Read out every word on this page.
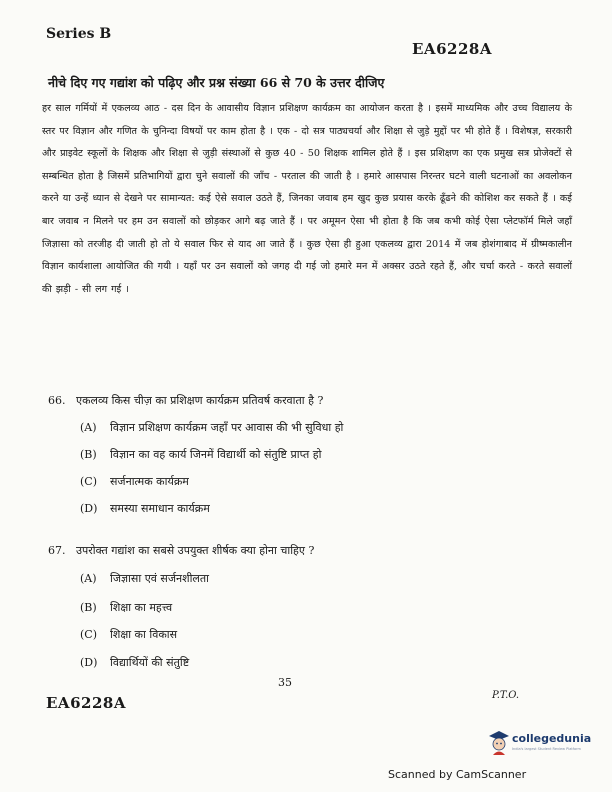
Series B
EA6228A
नीचे दिए गए गद्यांश को पढ़िए और प्रश्न संख्या 66 से 70 के उत्तर दीजिए
हर साल गर्मियों में एकलव्य आठ - दस दिन के आवासीय विज्ञान प्रशिक्षण कार्यक्रम का आयोजन करता है । इसमें माध्यमिक और उच्च विद्यालय के स्तर पर विज्ञान और गणित के चुनिन्दा विषयों पर काम होता है । एक - दो सत्र पाठ्यचर्या और शिक्षा से जुड़े मुद्दों पर भी होते हैं । विशेषज्ञ, सरकारी और प्राइवेट स्कूलों के शिक्षक और शिक्षा से जुड़ी संस्थाओं से कुछ 40 - 50 शिक्षक शामिल होते हैं । इस प्रशिक्षण का एक प्रमुख सत्र प्रोजेक्टों से सम्बन्धित होता है जिसमें प्रतिभागियों द्वारा चुने सवालों की जाँच - परताल की जाती है । हमारे आसपास निरन्तर घटने वाली घटनाओं का अवलोकन करने या उन्हें ध्यान से देखने पर सामान्यत: कई ऐसे सवाल उठते हैं, जिनका जवाब हम खुद कुछ प्रयास करके ढूँढने की कोशिश कर सकते हैं । कई बार जवाब न मिलने पर हम उन सवालों को छोड़कर आगे बढ़ जाते हैं । पर अमूमन ऐसा भी होता है कि जब कभी कोई ऐसा प्लेटफॉर्म मिले जहाँ जिज्ञासा को तरजीह दी जाती हो तो ये सवाल फिर से याद आ जाते हैं । कुछ ऐसा ही हुआ एकलव्य द्वारा 2014 में जब होशंगाबाद में ग्रीष्मकालीन विज्ञान कार्यशाला आयोजित की गयी । यहाँ पर उन सवालों को जगह दी गई जो हमारे मन में अक्सर उठते रहते हैं, और चर्चा करते - करते सवालों की झड़ी - सी लग गई ।
66. एकलव्य किस चीज़ का प्रशिक्षण कार्यक्रम प्रतिवर्ष करवाता है ?
(A) विज्ञान प्रशिक्षण कार्यक्रम जहाँ पर आवास की भी सुविधा हो
(B) विज्ञान का वह कार्य जिनमें विद्यार्थी को संतुष्टि प्राप्त हो
(C) सर्जनात्मक कार्यक्रम
(D) समस्या समाधान कार्यक्रम
67. उपरोक्त गद्यांश का सबसे उपयुक्त शीर्षक क्या होना चाहिए ?
(A) जिज्ञासा एवं सर्जनशीलता
(B) शिक्षा का महत्त्व
(C) शिक्षा का विकास
(D) विद्यार्थियों की संतुष्टि
35
EA6228A	P.T.O.
collegedunia
India's largest Student Review Platform
Scanned by CamScanner
